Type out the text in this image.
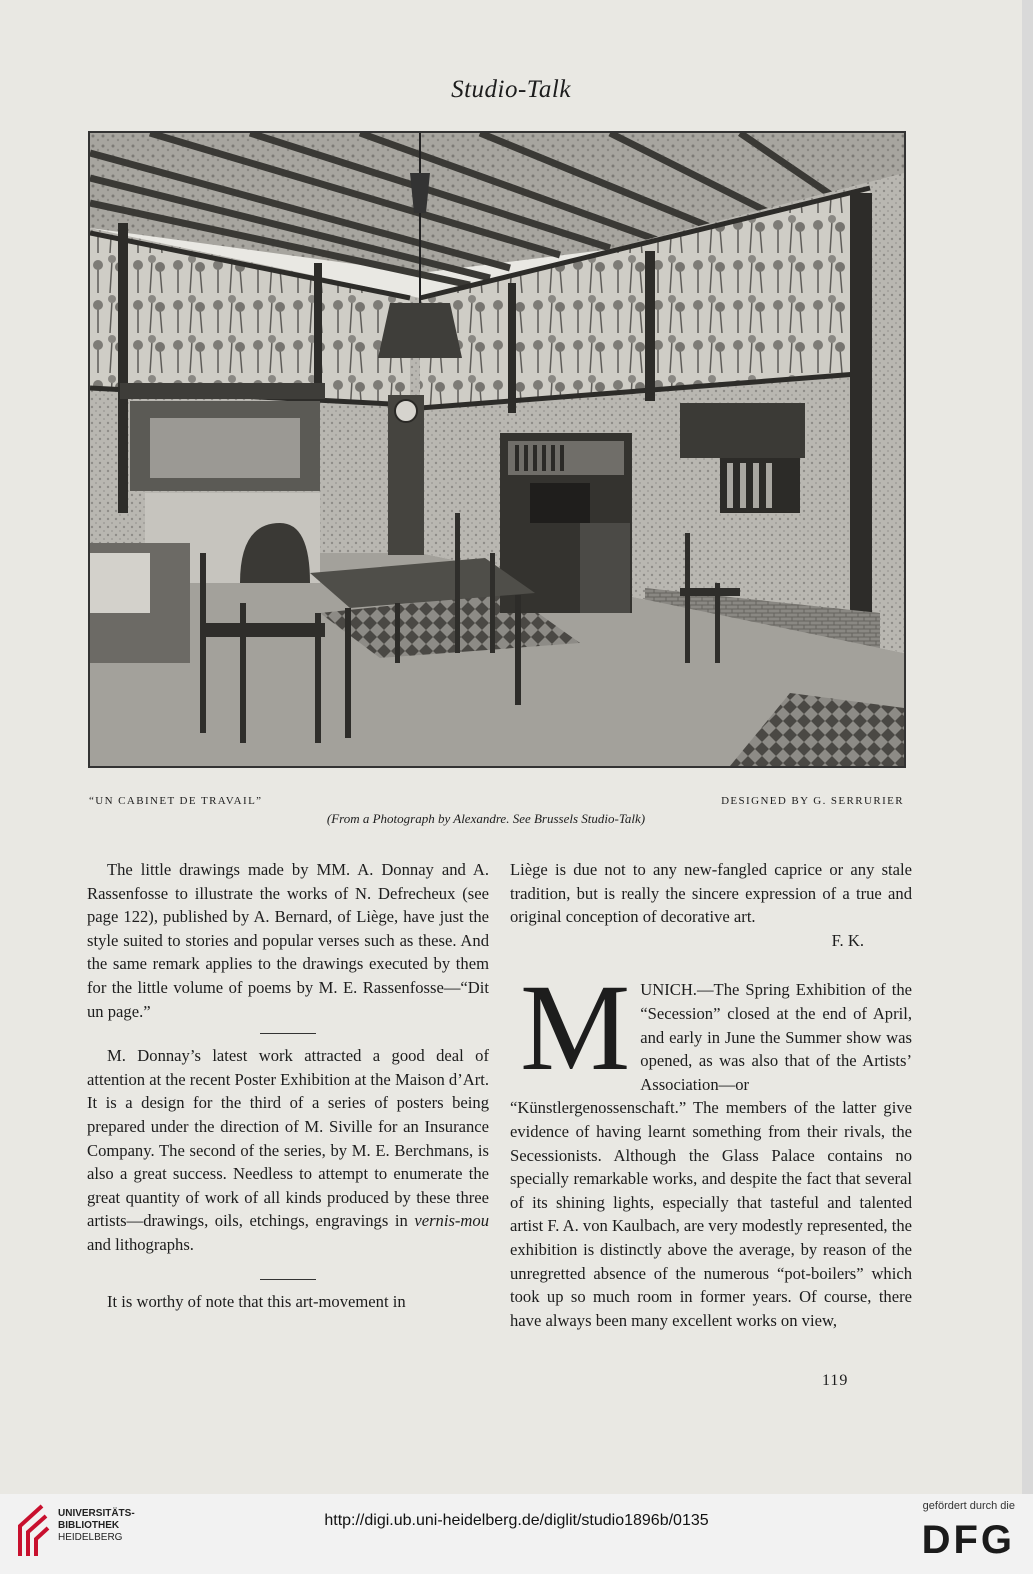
Studio-Talk
“UN CABINET DE TRAVAIL”	DESIGNED BY G. SERRURIER
(From a Photograph by Alexandre. See Brussels Studio-Talk)

The little drawings made by MM. A. Donnay and A. Rassenfosse to illustrate the works of N. Defrecheux (see page 122), published by A. Bernard, of Liège, have just the style suited to stories and popular verses such as these. And the same remark applies to the drawings executed by them for the little volume of poems by M. E. Rassenfosse—“Dit un page.”

M. Donnay’s latest work attracted a good deal of attention at the recent Poster Exhibition at the Maison d’Art. It is a design for the third of a series of posters being prepared under the direction of M. Siville for an Insurance Company. The second of the series, by M. E. Berchmans, is also a great success. Needless to attempt to enumerate the great quantity of work of all kinds produced by these three artists—drawings, oils, etchings, engravings in vernis-mou and lithographs.

It is worthy of note that this art-movement in

Liège is due not to any new-fangled caprice or any stale tradition, but is really the sincere expression of a true and original conception of decorative art.

F. K.

MUNICH.—The Spring Exhibition of the “Secession” closed at the end of April, and early in June the Summer show was opened, as was also that of the Artists’ Association—or “Künstlergenossenschaft.” The members of the latter give evidence of having learnt something from their rivals, the Secessionists. Although the Glass Palace contains no specially remarkable works, and despite the fact that several of its shining lights, especially that tasteful and talented artist F. A. von Kaulbach, are very modestly represented, the exhibition is distinctly above the average, by reason of the unregretted absence of the numerous “pot-boilers” which took up so much room in former years. Of course, there have always been many excellent works on view,

119
UNIVERSITÄTS-
BIBLIOTHEK
HEIDELBERG
http://digi.ub.uni-heidelberg.de/diglit/studio1896b/0135
gefördert durch die
DFG
